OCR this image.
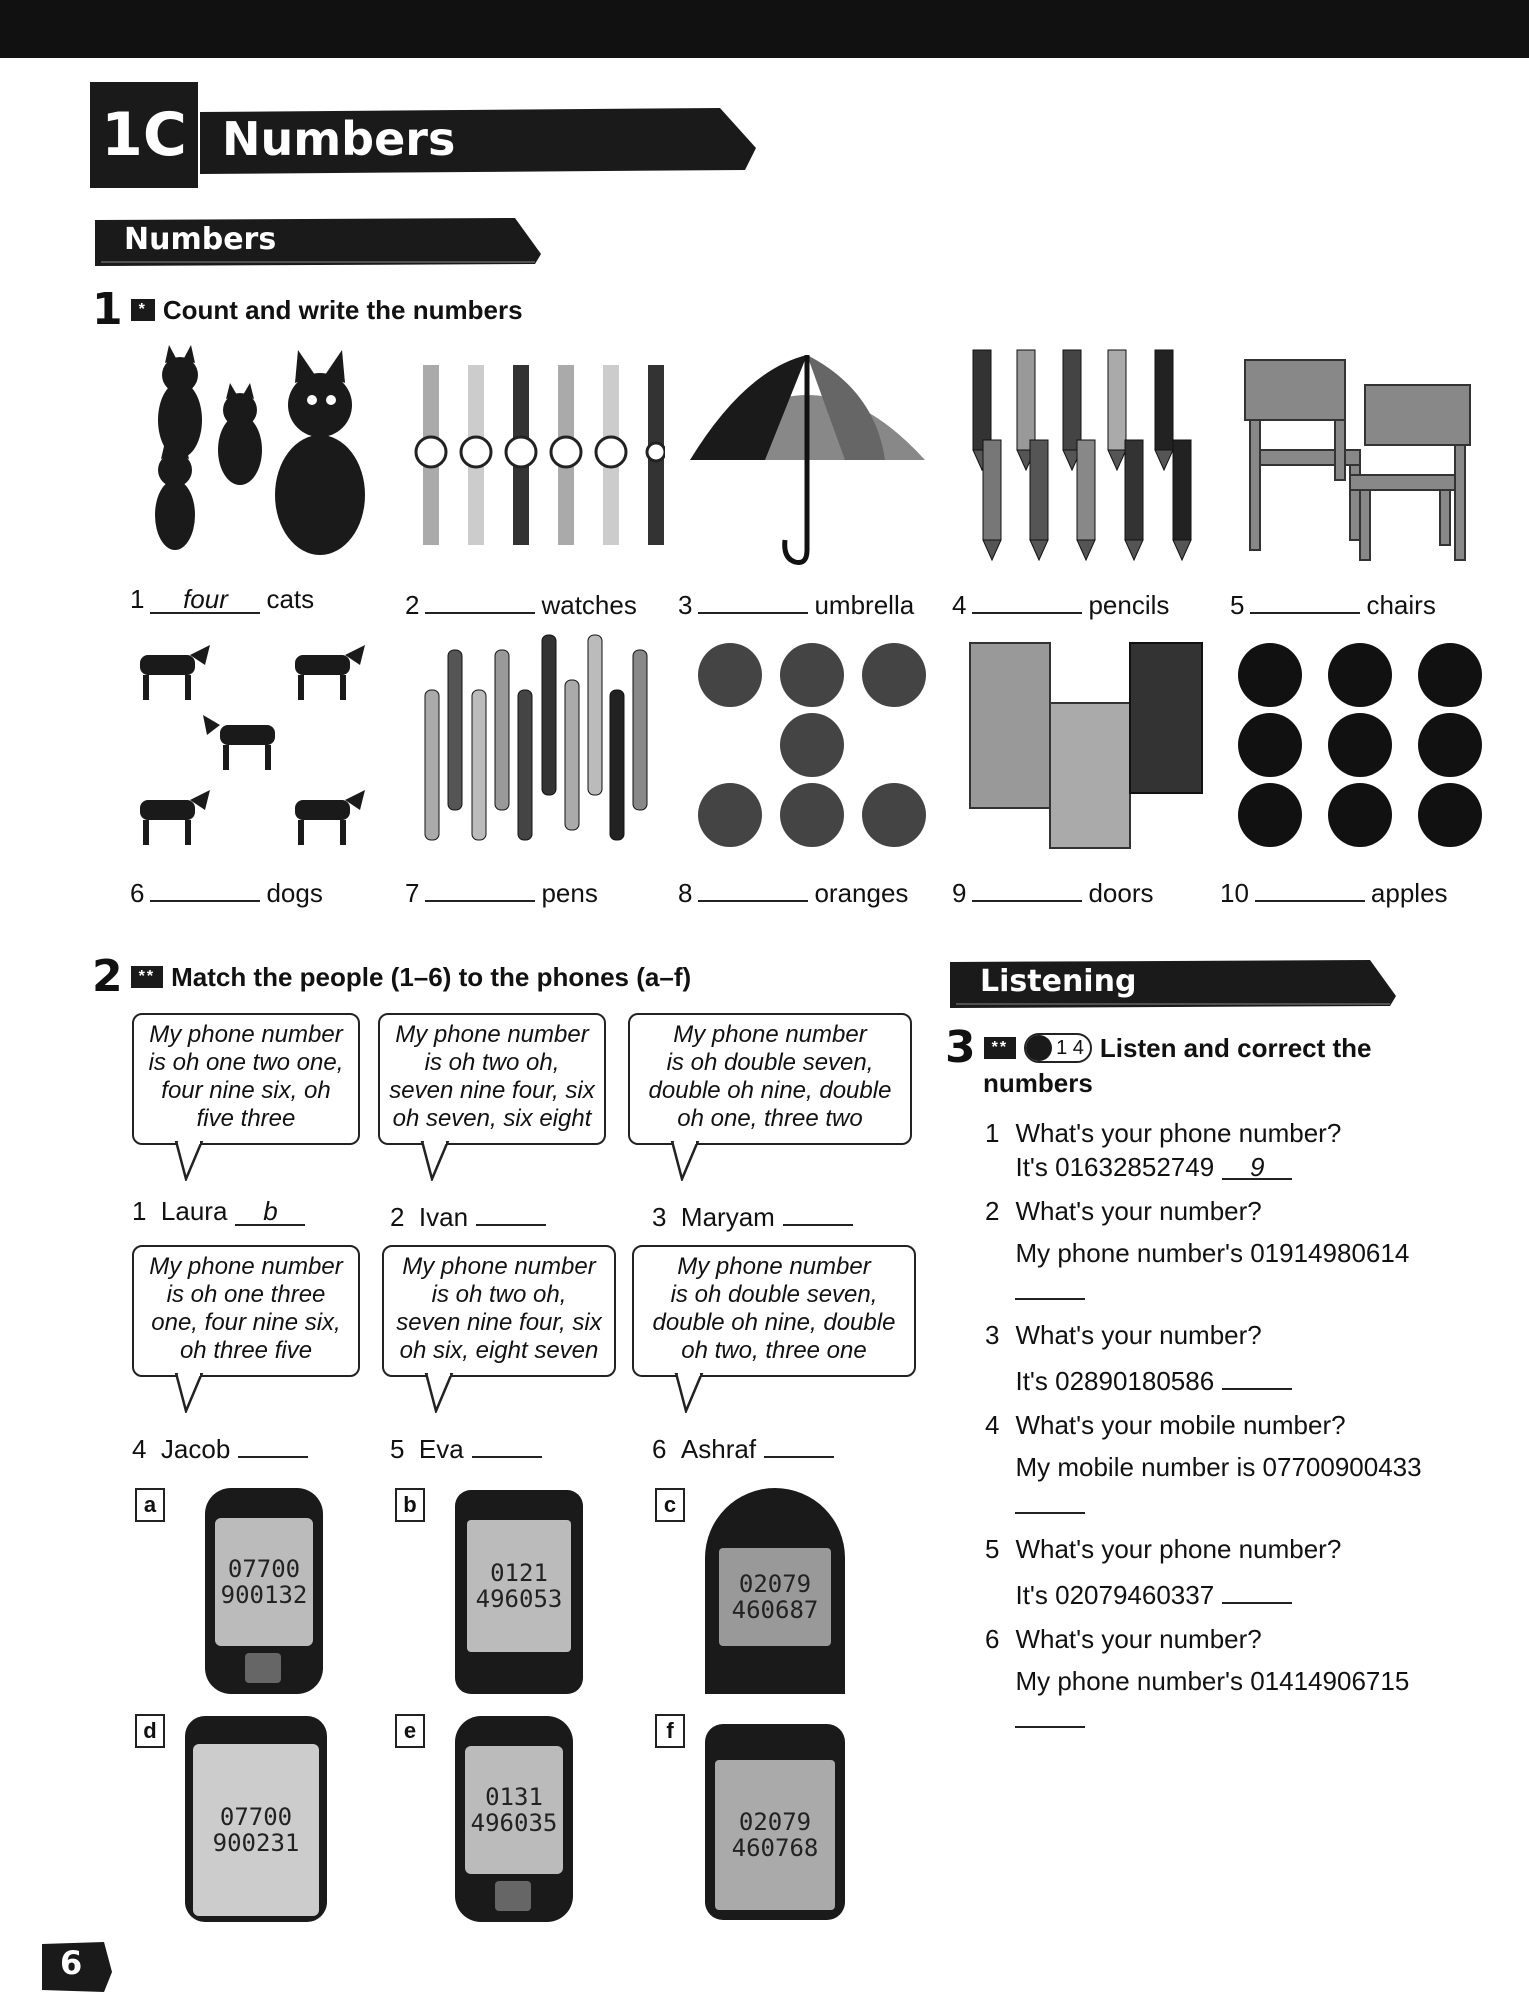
1C Numbers
Numbers
1	* Count and write the numbers
1 four cats	2	watches 3	umbrella 4	pencils 5	chairs
6	dogs	7	pens	8	oranges 9	doors	10	apples
2	** Match the people (1–6) to the phones (a–f)
My phone number
is oh one two one,
four nine six, oh
five three
My phone number
is oh two oh,
seven nine four, six
oh seven, six eight
My phone number
is oh double seven,
double oh nine, double
oh one, three two
1 Laura b	2 Ivan	3 Maryam
My phone number
is oh one three
one, four nine six,
oh three five
My phone number
is oh two oh,
seven nine four, six
oh six, eight seven
My phone number
is oh double seven,
double oh nine, double
oh two, three one
4 Jacob	5 Eva	6 Ashraf
a
07700
900132
b
0121
496053
c
02079
460687
d
07700
900231
e
0131
496035
f
02079
460768
Listening
3	**	1 4 Listen and correct the
numbers
1 What's your phone number?
It's 01632852749 9
2 What's your number?
My phone number's 01914980614
3 What's your number?
It's 02890180586
4 What's your mobile number?
My mobile number is 07700900433
5 What's your phone number?
It's 02079460337
6 What's your number?
My phone number's 01414906715
6
